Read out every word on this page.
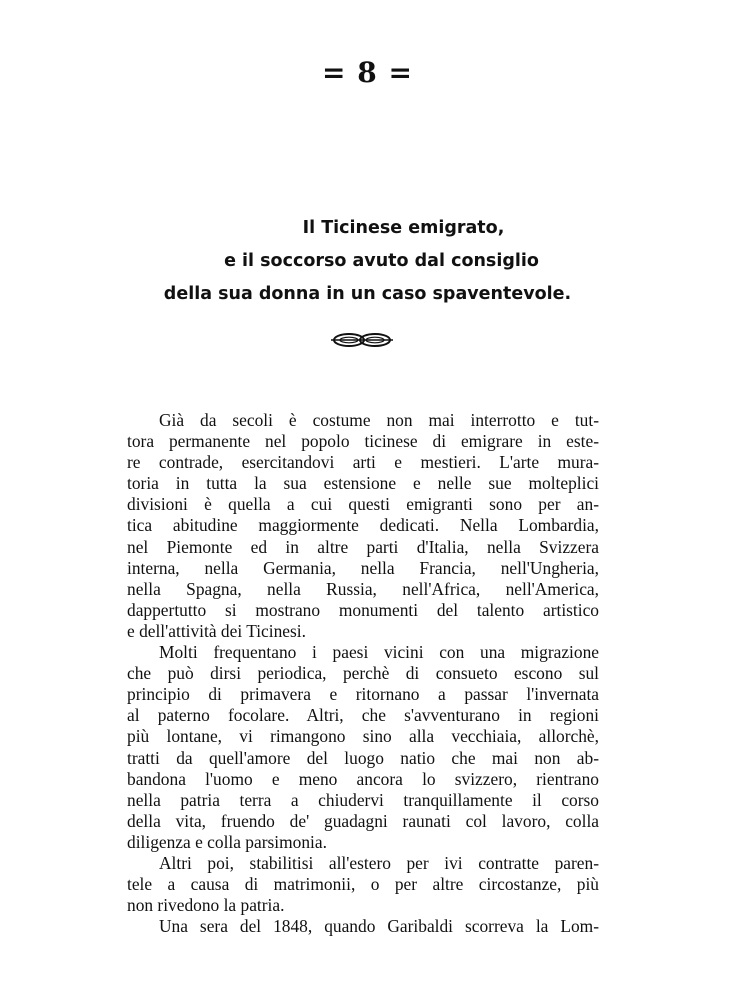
= 8 =
Il Ticinese emigrato,
e il soccorso avuto dal consiglio
della sua donna in un caso spaventevole.
Già da secoli è costume non mai interrotto e tut-
tora permanente nel popolo ticinese di emigrare in este-
re contrade, esercitandovi arti e mestieri. L'arte mura-
toria in tutta la sua estensione e nelle sue molteplici
divisioni è quella a cui questi emigranti sono per an-
tica abitudine maggiormente dedicati. Nella Lombardia,
nel Piemonte ed in altre parti d'Italia, nella Svizzera
interna, nella Germania, nella Francia, nell'Ungheria,
nella Spagna, nella Russia, nell'Africa, nell'America,
dappertutto si mostrano monumenti del talento artistico
e dell'attività dei Ticinesi.
Molti frequentano i paesi vicini con una migrazione
che può dirsi periodica, perchè di consueto escono sul
principio di primavera e ritornano a passar l'invernata
al paterno focolare. Altri, che s'avventurano in regioni
più lontane, vi rimangono sino alla vecchiaia, allorchè,
tratti da quell'amore del luogo natio che mai non ab-
bandona l'uomo e meno ancora lo svizzero, rientrano
nella patria terra a chiudervi tranquillamente il corso
della vita, fruendo de' guadagni raunati col lavoro, colla
diligenza e colla parsimonia.
Altri poi, stabilitisi all'estero per ivi contratte paren-
tele a causa di matrimonii, o per altre circostanze, più
non rivedono la patria.
Una sera del 1848, quando Garibaldi scorreva la Lom-
